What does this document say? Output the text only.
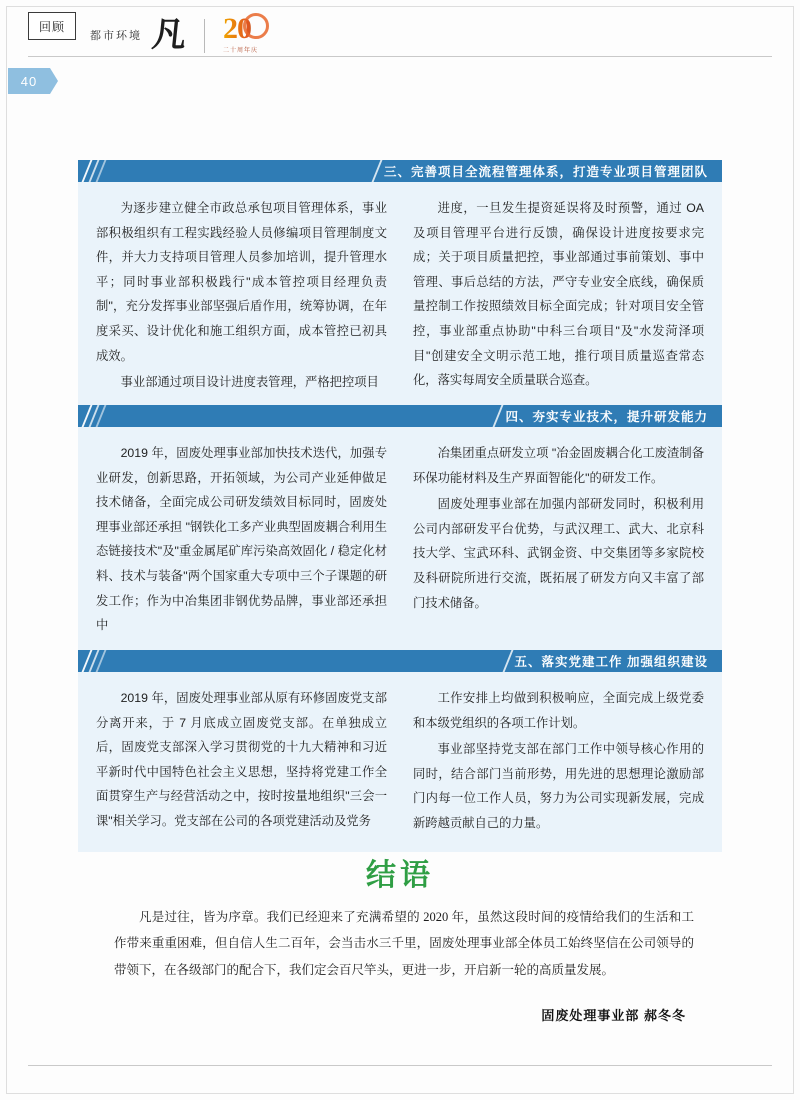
回顾
都市环境 凡 20
二十周年庆
40
三、完善项目全流程管理体系，打造专业项目管理团队

为逐步建立健全市政总承包项目管理体系，事业部积极组织有工程实践经验人员修编项目管理制度文件，并大力支持项目管理人员参加培训，提升管理水平；同时事业部积极践行"成本管控项目经理负责制"，充分发挥事业部坚强后盾作用，统筹协调，在年度采买、设计优化和施工组织方面，成本管控已初具成效。

事业部通过项目设计进度表管理，严格把控项目

进度，一旦发生提资延误将及时预警，通过 OA 及项目管理平台进行反馈，确保设计进度按要求完成；关于项目质量把控，事业部通过事前策划、事中管理、事后总结的方法，严守专业安全底线，确保质量控制工作按照绩效目标全面完成；针对项目安全管控，事业部重点协助"中科三台项目"及"水发菏泽项目"创建安全文明示范工地，推行项目质量巡查常态化，落实每周安全质量联合巡查。

四、夯实专业技术，提升研发能力

2019 年，固废处理事业部加快技术迭代，加强专业研发，创新思路，开拓领域，为公司产业延伸做足技术储备，全面完成公司研发绩效目标同时，固废处理事业部还承担 "钢铁化工多产业典型固废耦合利用生态链接技术"及"重金属尾矿库污染高效固化 / 稳定化材料、技术与装备"两个国家重大专项中三个子课题的研发工作；作为中冶集团非钢优势品牌，事业部还承担中

冶集团重点研发立项 "冶金固废耦合化工废渣制备环保功能材料及生产界面智能化"的研发工作。

固废处理事业部在加强内部研发同时，积极利用公司内部研发平台优势，与武汉理工、武大、北京科技大学、宝武环科、武钢金资、中交集团等多家院校及科研院所进行交流，既拓展了研发方向又丰富了部门技术储备。

五、落实党建工作 加强组织建设

2019 年，固废处理事业部从原有环修固废党支部分离开来，于 7 月底成立固废党支部。在单独成立后，固废党支部深入学习贯彻党的十九大精神和习近平新时代中国特色社会主义思想，坚持将党建工作全面贯穿生产与经营活动之中，按时按量地组织"三会一课"相关学习。党支部在公司的各项党建活动及党务

工作安排上均做到积极响应，全面完成上级党委和本级党组织的各项工作计划。

事业部坚持党支部在部门工作中领导核心作用的同时，结合部门当前形势，用先进的思想理论激励部门内每一位工作人员，努力为公司实现新发展，完成新跨越贡献自己的力量。

结语

凡是过往，皆为序章。我们已经迎来了充满希望的 2020 年，虽然这段时间的疫情给我们的生活和工作带来重重困难，但自信人生二百年，会当击水三千里，固废处理事业部全体员工始终坚信在公司领导的带领下，在各级部门的配合下，我们定会百尺竿头，更进一步，开启新一轮的高质量发展。

固废处理事业部 郝冬冬
